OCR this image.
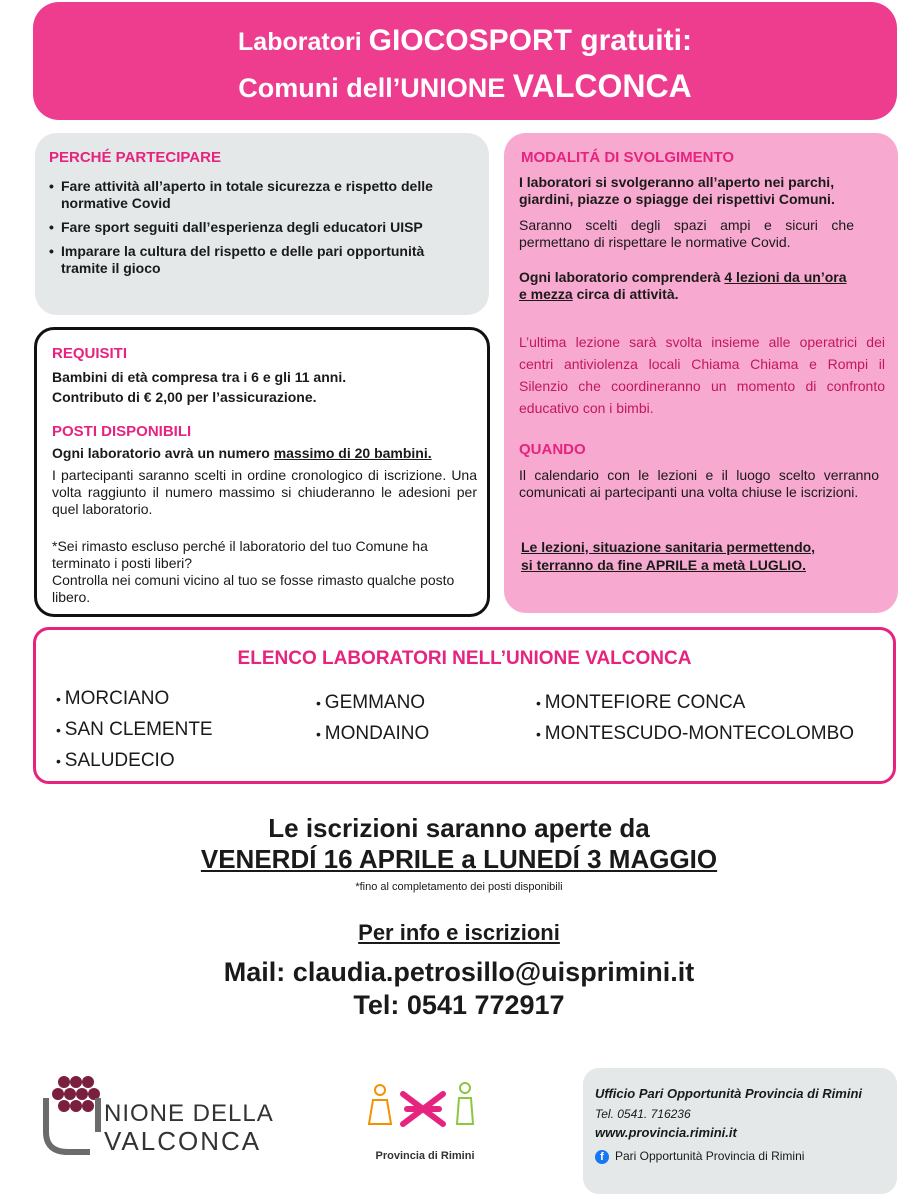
Laboratori GIOCOSPORT gratuiti:
Comuni dell’UNIONE VALCONCA
PERCHÉ PARTECIPARE
• Fare attività all’aperto in totale sicurezza e rispetto delle normative Covid
• Fare sport seguiti dall’esperienza degli educatori UISP
• Imparare la cultura del rispetto e delle pari opportunità tramite il gioco
REQUISITI
Bambini di età compresa tra i 6 e gli 11 anni.
Contributo di € 2,00 per l’assicurazione.
POSTI DISPONIBILI
Ogni laboratorio avrà un numero massimo di 20 bambini.
I partecipanti saranno scelti in ordine cronologico di iscrizione. Una volta raggiunto il numero massimo si chiuderanno le adesioni per quel laboratorio.
*Sei rimasto escluso perché il laboratorio del tuo Comune ha terminato i posti liberi?
Controlla nei comuni vicino al tuo se fosse rimasto qualche posto libero.
MODALITÁ DI SVOLGIMENTO
I laboratori si svolgeranno all’aperto nei parchi, giardini, piazze o spiagge dei rispettivi Comuni.
Saranno scelti degli spazi ampi e sicuri che permettano di rispettare le normative Covid.
Ogni laboratorio comprenderà 4 lezioni da un’ora e mezza circa di attività.
L’ultima lezione sarà svolta insieme alle operatrici dei centri antiviolenza locali Chiama Chiama e Rompi il Silenzio che coordineranno un momento di confronto educativo con i bimbi.
QUANDO
Il calendario con le lezioni e il luogo scelto verranno comunicati ai partecipanti una volta chiuse le iscrizioni.
Le lezioni, situazione sanitaria permettendo,
si terranno da fine APRILE a metà LUGLIO.
ELENCO LABORATORI NELL’UNIONE VALCONCA
• MORCIANO
• SAN CLEMENTE
• SALUDECIO
• GEMMANO
• MONDAINO
• MONTEFIORE CONCA
• MONTESCUDO-MONTECOLOMBO
Le iscrizioni saranno aperte da
VENERDÍ 16 APRILE a LUNEDÍ 3 MAGGIO
*fino al completamento dei posti disponibili
Per info e iscrizioni
Mail: claudia.petrosillo@uisprimini.it
Tel: 0541 772917
NIONE DELLA
VALCONCA	Provincia di Rimini
Ufficio Pari Opportunità Provincia di Rimini
Tel. 0541. 716236
www.provincia.rimini.it
f Pari Opportunità Provincia di Rimini
